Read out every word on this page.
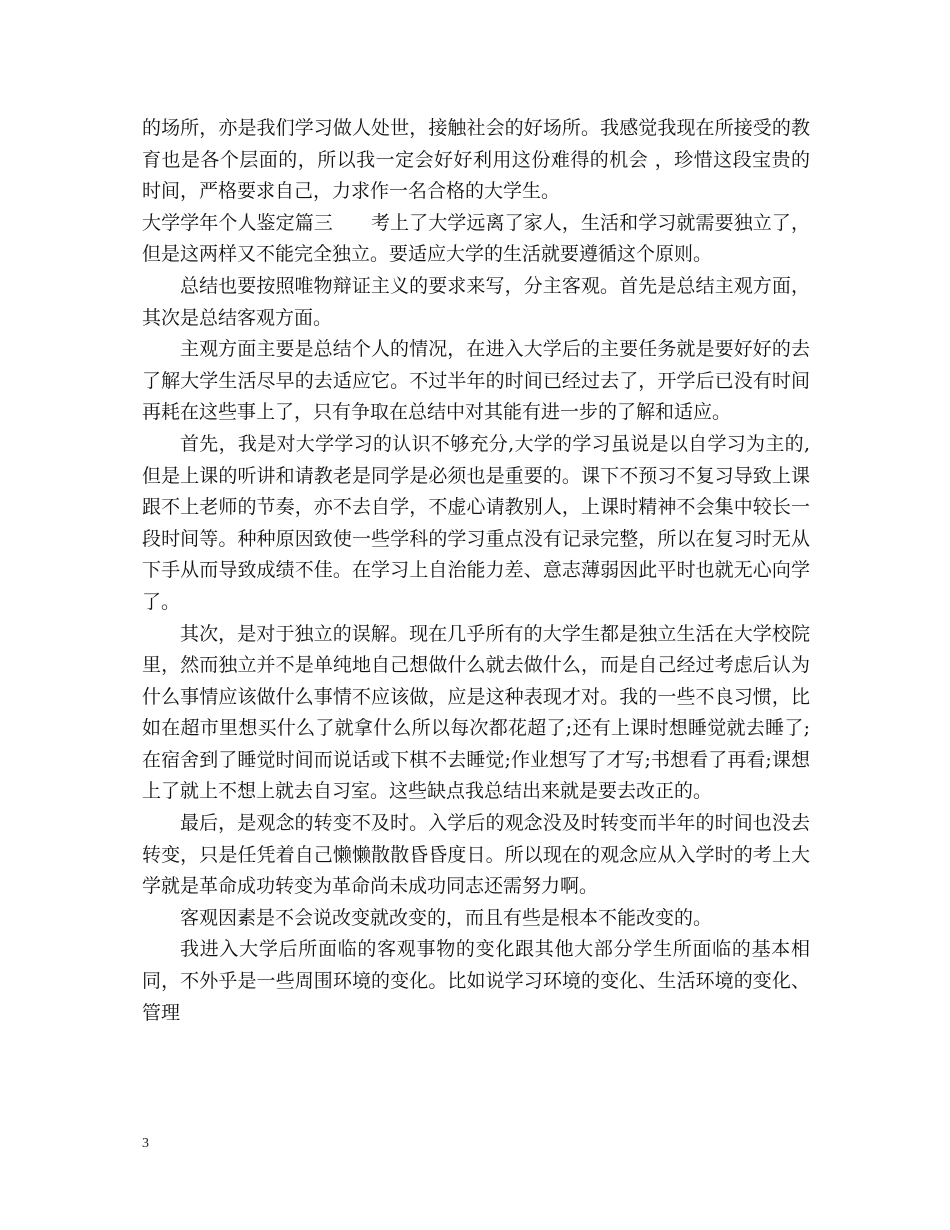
的场所，亦是我们学习做人处世，接触社会的好场所。我感觉我现在所接受的教育也是各个层面的，所以我一定会好好利用这份难得的机会 ，珍惜这段宝贵的时间，严格要求自己，力求作一名合格的大学生。

大学学年个人鉴定篇三 考上了大学远离了家人，生活和学习就需要独立了，但是这两样又不能完全独立。要适应大学的生活就要遵循这个原则。

总结也要按照唯物辩证主义的要求来写，分主客观。首先是总结主观方面，其次是总结客观方面。

主观方面主要是总结个人的情况，在进入大学后的主要任务就是要好好的去了解大学生活尽早的去适应它。不过半年的时间已经过去了，开学后已没有时间再耗在这些事上了，只有争取在总结中对其能有进一步的了解和适应。

首先，我是对大学学习的认识不够充分,大学的学习虽说是以自学习为主的,但是上课的听讲和请教老是同学是必须也是重要的。课下不预习不复习导致上课跟不上老师的节奏，亦不去自学，不虚心请教别人，上课时精神不会集中较长一段时间等。种种原因致使一些学科的学习重点没有记录完整，所以在复习时无从下手从而导致成绩不佳。在学习上自治能力差、意志薄弱因此平时也就无心向学了。

其次，是对于独立的误解。现在几乎所有的大学生都是独立生活在大学校院里，然而独立并不是单纯地自己想做什么就去做什么，而是自己经过考虑后认为什么事情应该做什么事情不应该做，应是这种表现才对。我的一些不良习惯，比如在超市里想买什么了就拿什么所以每次都花超了;还有上课时想睡觉就去睡了;在宿舍到了睡觉时间而说话或下棋不去睡觉;作业想写了才写;书想看了再看;课想上了就上不想上就去自习室。这些缺点我总结出来就是要去改正的。

最后，是观念的转变不及时。入学后的观念没及时转变而半年的时间也没去转变，只是任凭着自己懒懒散散昏昏度日。所以现在的观念应从入学时的考上大学就是革命成功转变为革命尚未成功同志还需努力啊。

客观因素是不会说改变就改变的，而且有些是根本不能改变的。

我进入大学后所面临的客观事物的变化跟其他大部分学生所面临的基本相同，不外乎是一些周围环境的变化。比如说学习环境的变化、生活环境的变化、管理

3
